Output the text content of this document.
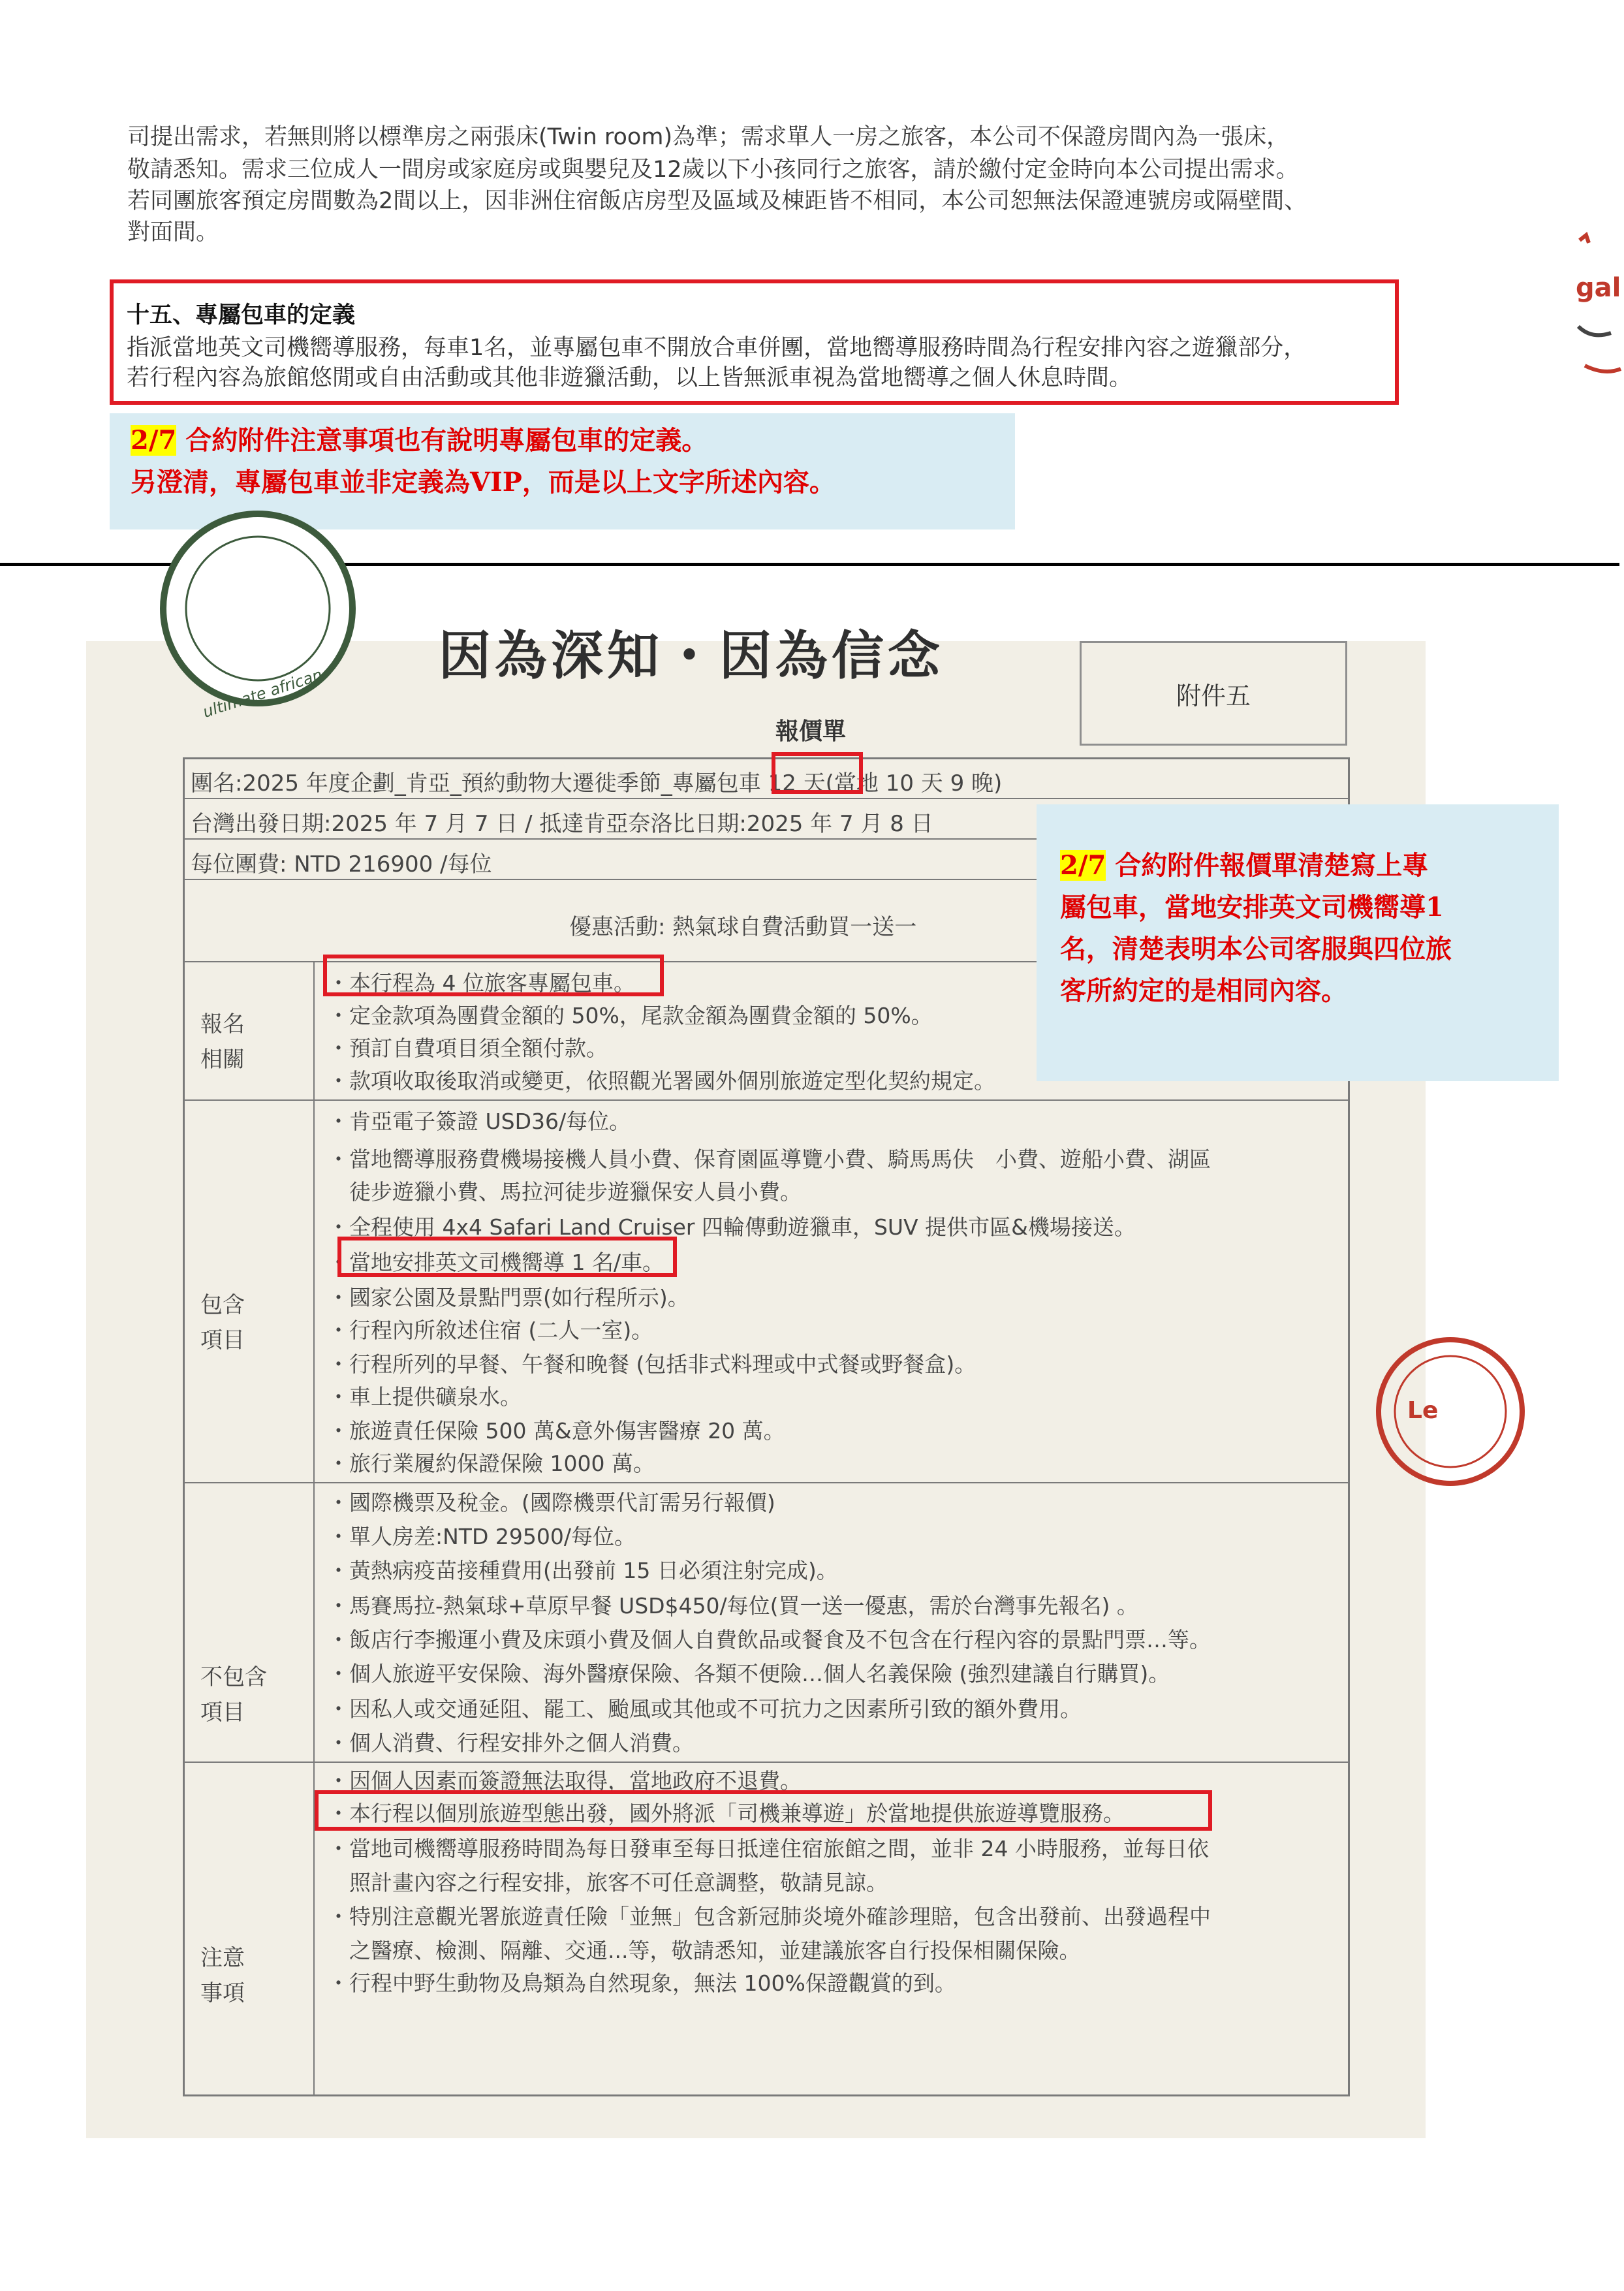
司提出需求，若無則將以標準房之兩張床(Twin room)為準；需求單人一房之旅客，本公司不保證房間內為一張床，
敬請悉知。需求三位成人一間房或家庭房或與嬰兒及12歲以下小孩同行之旅客，請於繳付定金時向本公司提出需求。
若同團旅客預定房間數為2間以上，因非洲住宿飯店房型及區域及棟距皆不相同，本公司恕無法保證連號房或隔壁間、
對面間。
十五、專屬包車的定義
指派當地英文司機嚮導服務，每車1名，並專屬包車不開放合車併團，當地嚮導服務時間為行程安排內容之遊獵部分，
若行程內容為旅館悠閒或自由活動或其他非遊獵活動，以上皆無派車視為當地嚮導之個人休息時間。
gal
2/7 合約附件注意事項也有說明專屬包車的定義。
另澄清，專屬包車並非定義為VIP，而是以上文字所述內容。
ultimate african
因為深知・因為信念
附件五
報價單
團名:2025 年度企劃_肯亞_預約動物大遷徙季節_專屬包車 12 天(當地 10 天 9 晚)
台灣出發日期:2025 年 7 月 7 日 / 抵達肯亞奈洛比日期:2025 年 7 月 8 日
每位團費: NTD 216900 /每位
優惠活動: 熱氣球自費活動買一送一
報名
相關
・本行程為 4 位旅客專屬包車。
・定金款項為團費金額的 50%，尾款金額為團費金額的 50%。
・預訂自費項目須全額付款。
・款項收取後取消或變更，依照觀光署國外個別旅遊定型化契約規定。
包含
項目
・肯亞電子簽證 USD36/每位。
・當地嚮導服務費機場接機人員小費、保育園區導覽小費、騎馬馬伕　小費、遊船小費、湖區
　徒步遊獵小費、馬拉河徒步遊獵保安人員小費。
・全程使用 4x4 Safari Land Cruiser 四輪傳動遊獵車，SUV 提供市區&機場接送。
・當地安排英文司機嚮導 1 名/車。
・國家公園及景點門票(如行程所示)。
・行程內所敘述住宿 (二人一室)。
・行程所列的早餐、午餐和晚餐 (包括非式料理或中式餐或野餐盒)。
・車上提供礦泉水。
・旅遊責任保險 500 萬&意外傷害醫療 20 萬。
・旅行業履約保證保險 1000 萬。
不包含
項目
・國際機票及稅金。(國際機票代訂需另行報價)
・單人房差:NTD 29500/每位。
・黃熱病疫苗接種費用(出發前 15 日必須注射完成)。
・馬賽馬拉-熱氣球+草原早餐 USD$450/每位(買一送一優惠，需於台灣事先報名) 。
・飯店行李搬運小費及床頭小費及個人自費飲品或餐食及不包含在行程內容的景點門票…等。
・個人旅遊平安保險、海外醫療保險、各類不便險…個人名義保險 (強烈建議自行購買)。
・因私人或交通延阻、罷工、颱風或其他或不可抗力之因素所引致的額外費用。
・個人消費、行程安排外之個人消費。
注意
事項
・因個人因素而簽證無法取得，當地政府不退費。
・本行程以個別旅遊型態出發，國外將派「司機兼導遊」於當地提供旅遊導覽服務。
・當地司機嚮導服務時間為每日發車至每日抵達住宿旅館之間，並非 24 小時服務，並每日依
　照計畫內容之行程安排，旅客不可任意調整，敬請見諒。
・特別注意觀光署旅遊責任險「並無」包含新冠肺炎境外確診理賠，包含出發前、出發過程中
　之醫療、檢測、隔離、交通...等，敬請悉知，並建議旅客自行投保相關保險。
・行程中野生動物及鳥類為自然現象，無法 100%保證觀賞的到。
Le
2/7 合約附件報價單清楚寫上專
屬包車，當地安排英文司機嚮導1
名，清楚表明本公司客服與四位旅
客所約定的是相同內容。
